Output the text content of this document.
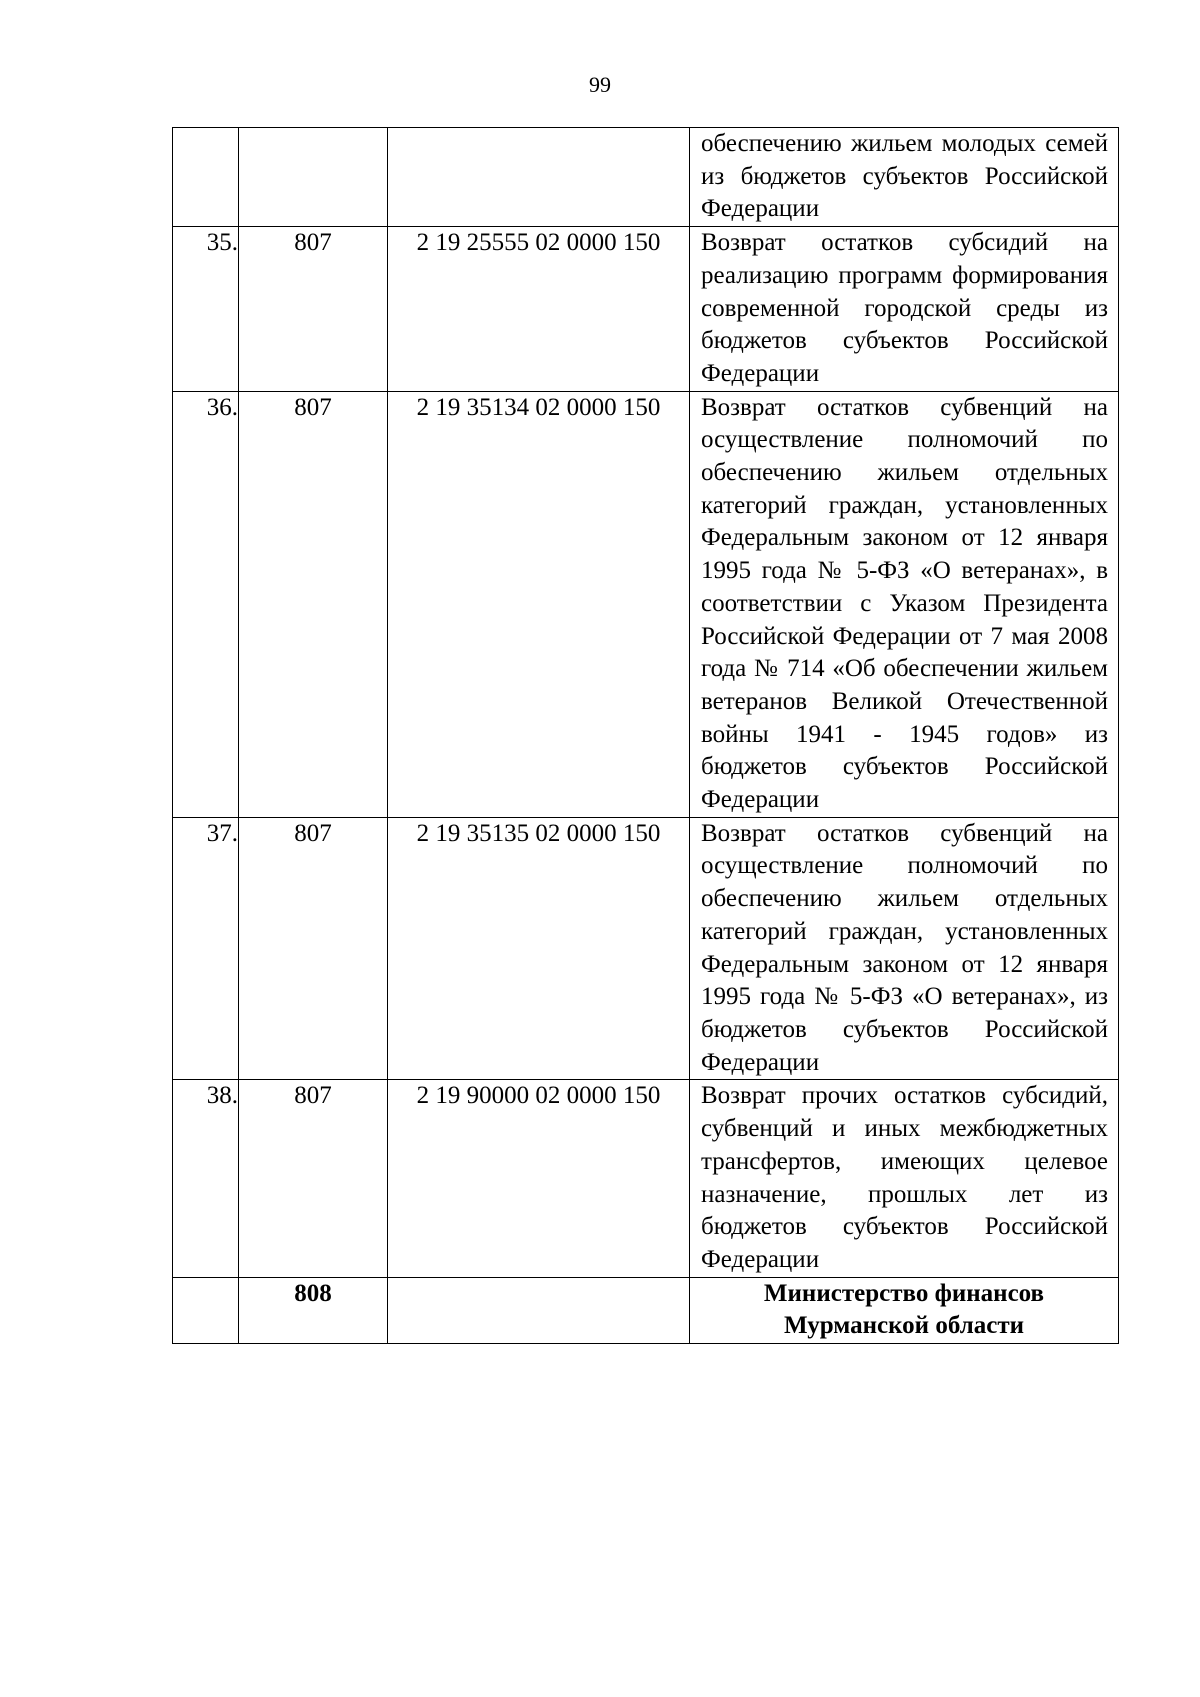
99
			обеспечению жильем молодых семей из бюджетов субъектов Российской Федерации
35.	807	2 19 25555 02 0000 150	Возврат остатков субсидий на реализацию программ формирования современной городской среды из бюджетов субъектов Российской Федерации
36.	807	2 19 35134 02 0000 150	Возврат остатков субвенций на осуществление полномочий по обеспечению жильем отдельных категорий граждан, установленных Федеральным законом от 12 января 1995 года № 5-ФЗ «О ветеранах», в соответствии с Указом Президента Российской Федерации от 7 мая 2008 года № 714 «Об обеспечении жильем ветеранов Великой Отечественной войны 1941 - 1945 годов» из бюджетов субъектов Российской Федерации
37.	807	2 19 35135 02 0000 150	Возврат остатков субвенций на осуществление полномочий по обеспечению жильем отдельных категорий граждан, установленных Федеральным законом от 12 января 1995 года № 5-ФЗ «О ветеранах», из бюджетов субъектов Российской Федерации
38.	807	2 19 90000 02 0000 150	Возврат прочих остатков субсидий, субвенций и иных межбюджетных трансфертов, имеющих целевое назначение, прошлых лет из бюджетов субъектов Российской Федерации
	808		Министерство финансов Мурманской области
